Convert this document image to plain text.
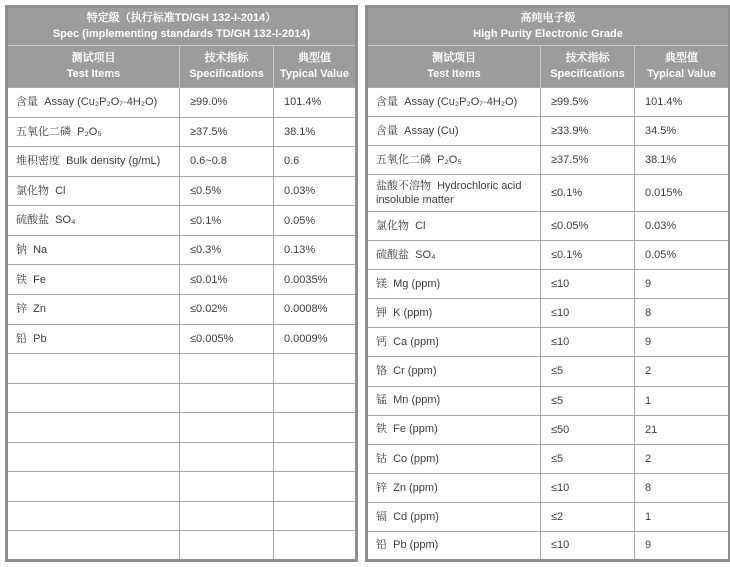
特定级（执行标准TD/GH 132-I-2014）
Spec (implementing standards TD/GH 132-I-2014)		

测试项目
Test Items

技术指标
Specifications

典型值
Typical Value

含量  Assay (Cu₂P₂O₇·4H₂O)	≥99.0%	101.4%
五氧化二磷  P₂O₅	≥37.5%	38.1%
堆积密度  Bulk density (g/mL)	0.6~0.8	0.6
氯化物  Cl	≤0.5%	0.03%
硫酸盐  SO₄	≤0.1%	0.05%
钠  Na	≤0.3%	0.13%
铁  Fe	≤0.01%	0.0035%
锌  Zn	≤0.02%	0.0008%
铅  Pb	≤0.005%	0.0009%

高纯电子级
High Purity Electronic Grade		

测试项目
Test Items

技术指标
Specifications

典型值
Typical Value

含量  Assay (Cu₂P₂O₇·4H₂O)	≥99.5%	101.4%
含量  Assay (Cu)	≥33.9%	34.5%
五氧化二磷  P₂O₅	≥37.5%	38.1%
盐酸不溶物  Hydrochloric acid insoluble matter	≤0.1%	0.015%
氯化物  Cl	≤0.05%	0.03%
硫酸盐  SO₄	≤0.1%	0.05%
镁  Mg (ppm)	≤10	9
钾  K (ppm)	≤10	8
钙  Ca (ppm)	≤10	9
铬  Cr (ppm)	≤5	2
锰  Mn (ppm)	≤5	1
铁  Fe (ppm)	≤50	21
钴  Co (ppm)	≤5	2
锌  Zn (ppm)	≤10	8
镉  Cd (ppm)	≤2	1
铅  Pb (ppm)	≤10	9
